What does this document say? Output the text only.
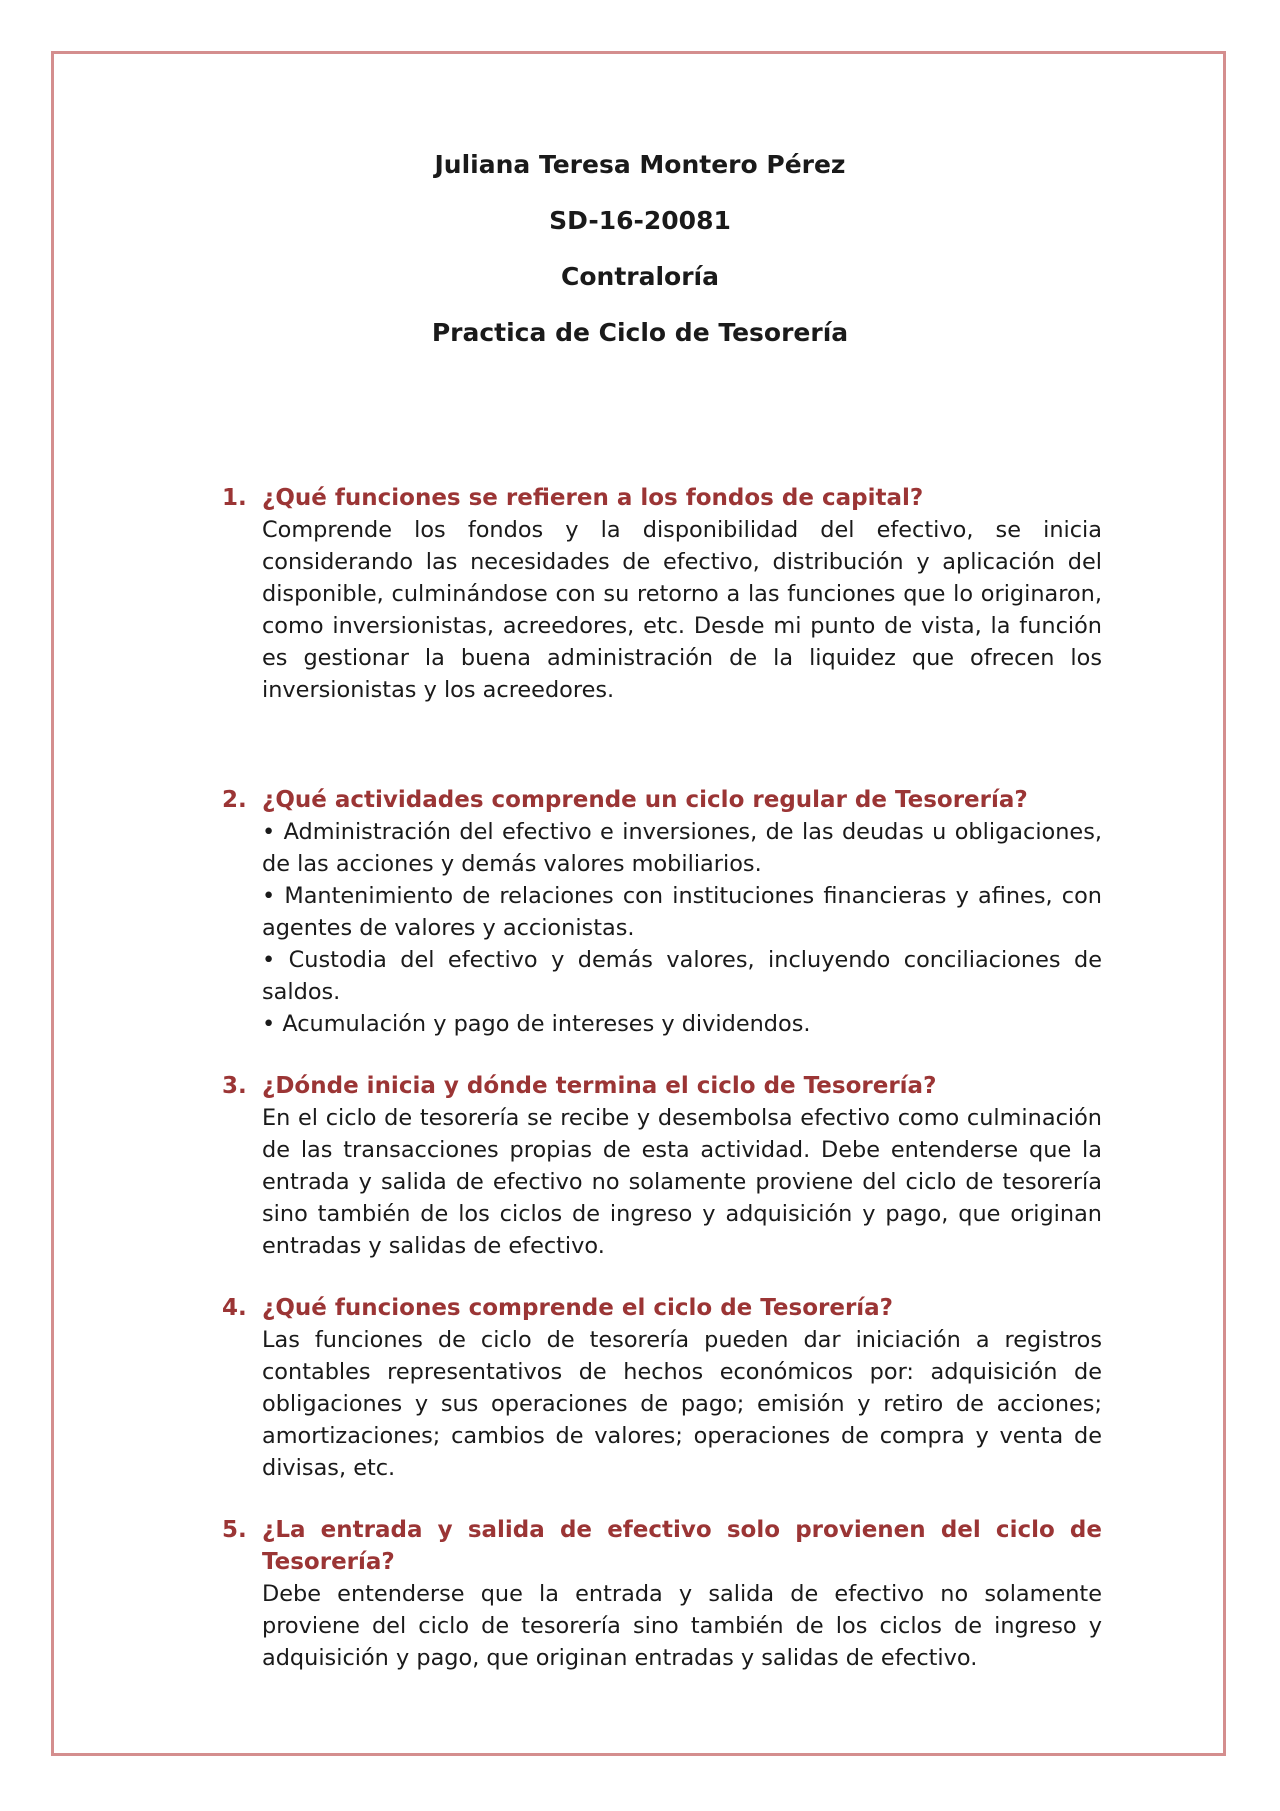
Juliana Teresa Montero Pérez

SD-16-20081

Contraloría

Practica de Ciclo de Tesorería

1. ¿Qué funciones se refieren a los fondos de capital?

Comprende los fondos y la disponibilidad del efectivo, se inicia considerando las necesidades de efectivo, distribución y aplicación del disponible, culminándose con su retorno a las funciones que lo originaron, como inversionistas, acreedores, etc. Desde mi punto de vista, la función es gestionar la buena administración de la liquidez que ofrecen los inversionistas y los acreedores.

2. ¿Qué actividades comprende un ciclo regular de Tesorería?

• Administración del efectivo e inversiones, de las deudas u obligaciones, de las acciones y demás valores mobiliarios.

• Mantenimiento de relaciones con instituciones financieras y afines, con agentes de valores y accionistas.

• Custodia del efectivo y demás valores, incluyendo conciliaciones de saldos.

• Acumulación y pago de intereses y dividendos.

3. ¿Dónde inicia y dónde termina el ciclo de Tesorería?

En el ciclo de tesorería se recibe y desembolsa efectivo como culminación de las transacciones propias de esta actividad. Debe entenderse que la entrada y salida de efectivo no solamente proviene del ciclo de tesorería sino también de los ciclos de ingreso y adquisición y pago, que originan entradas y salidas de efectivo.

4. ¿Qué funciones comprende el ciclo de Tesorería?

Las funciones de ciclo de tesorería pueden dar iniciación a registros contables representativos de hechos económicos por: adquisición de obligaciones y sus operaciones de pago; emisión y retiro de acciones; amortizaciones; cambios de valores; operaciones de compra y venta de divisas, etc.

5. ¿La entrada y salida de efectivo solo provienen del ciclo de Tesorería?

Debe entenderse que la entrada y salida de efectivo no solamente proviene del ciclo de tesorería sino también de los ciclos de ingreso y adquisición y pago, que originan entradas y salidas de efectivo.
